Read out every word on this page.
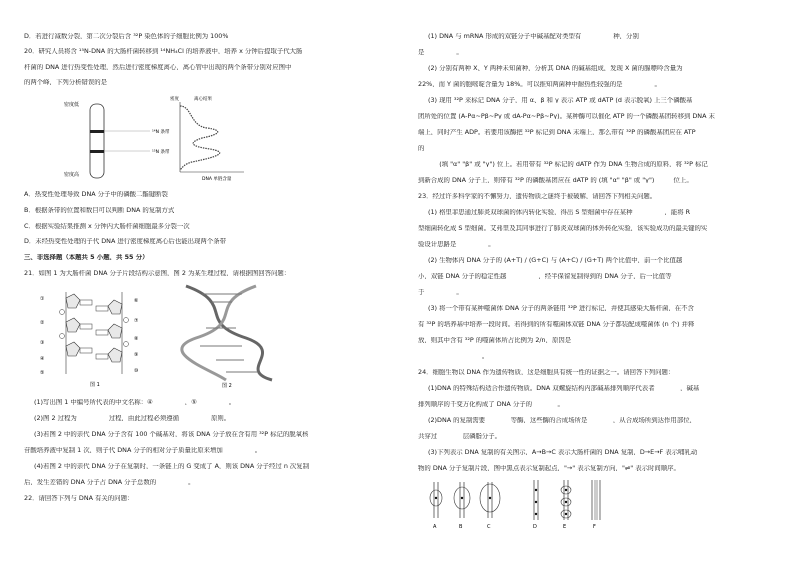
D．若进行减数分裂，第二次分裂后含 ³²P 染色体的子细胞比例为 100%
20．研究人员将含 ¹⁵N-DNA 的大肠杆菌转移到 ¹⁴NH₄Cl 的培养液中，培养 x 分钟后提取子代大肠
杆菌的 DNA 进行热变性处理，然后进行密度梯度离心，离心管中出现的两个条带分别对应图中
的两个峰，下列分析错误的是
密度低
密度高
¹⁴N 条带
¹⁵N 条带
密度	离心结果
DNA 单链含量
A．热变性处理导致 DNA 分子中的磷酸二酯键断裂
B．根据条带的位置和数目可以判断 DNA 的复制方式
C．根据实验结果推测 x 分钟内大肠杆菌细胞最多分裂一次
D．未经热变性处理的子代 DNA 进行密度梯度离心后也能出现两个条带
三、非选择题（本题共 5 小题，共 55 分）
21．如图 1 为大肠杆菌 DNA 分子片段结构示意图，图 2 为某生理过程，请根据图回答问题：
①
②
③
④
⑤
⑥
⑦
⑧
⑨
⑩
图 1	图 2
(1)写出图 1 中编号所代表的中文名称：④__________，⑤__________。
(2)图 2 过程为__________过程，由此过程必须遵循__________原则。
(3)若图 2 中的亲代 DNA 分子含有 100 个碱基对，将该 DNA 分子放在含有用 ³²P 标记的脱氧核
苷酸培养液中复制 1 次，则子代 DNA 分子的相对分子质量比原来增加__________。
(4)若图 2 中的亲代 DNA 分子在复制时，一条链上的 G 变成了 A，则该 DNA 分子经过 n 次复制
后，发生差错的 DNA 分子占 DNA 分子总数的__________。
22．请回答下列与 DNA 有关的问题：
(1) DNA 与 mRNA 形成的双链分子中碱基配对类型有__________种，分别
是__________。
(2) 分别有两种 X、Y 两种未知菌种，分析其 DNA 的碱基组成，发现 X 菌的腺嘌呤含量为
22%，而 Y 菌的胞嘧啶含量为 18%。可以推知两菌种中耐热性较强的是__________。
(3) 现用 ³²P 来标记 DNA 分子，用 α、β 和 γ 表示 ATP 或 dATP (d 表示脱氧) 上三个磷酸基
团所处的位置 (A-Pα~Pβ~Pγ 或 dA-Pα~Pβ~Pγ)。某种酶可以催化 ATP 的一个磷酸基团转移到 DNA 末
端上，同时产生 ADP。若要用该酶把 ³²P 标记到 DNA 末端上，那么带有 ³²P 的磷酸基团应在 ATP
的
______ (填 "α" "β" 或 "γ") 位上。若用带有 ³²P 标记的 dATP 作为 DNA 生物合成的原料，将 ³²P 标记
到新合成的 DNA 分子上，则带有 ³²P 的磷酸基团应在 dATP 的 (填 "α" "β" 或 "γ")______位上。
23．经过许多科学家的不懈努力，遗传物质之谜终于被破解，请回答下列相关问题。
(1) 格里菲思通过肺炎双球菌的体内转化实验，得出 S 型细菌中存在某种__________，能将 R
型细菌转化成 S 型细菌。艾弗里及其同事进行了肺炎双球菌的体外转化实验，该实验成功的最关键的实
验设计思路是__________。
(2) 生物体内 DNA 分子的 (A+T) / (G+C) 与 (A+C) / (G+T) 两个比值中，前一个比值越
小，双链 DNA 分子的稳定性越__________，经半保留复制得到的 DNA 分子，后一比值等
于__________。
(3) 将一个带有某种噬菌体 DNA 分子的两条链用 ³²P 进行标记，并使其感染大肠杆菌，在不含
有 ³²P 的培养基中培养一段时间。若得到的所有噬菌体双链 DNA 分子都装配成噬菌体 (n 个) 并释
放，则其中含有 ³²P 的噬菌体所占比例为 2/n，原因是__________________________
____________________。
24．细胞生物以 DNA 作为遗传物质，这是细胞具有统一性的证据之一。请回答下列问题：
(1)DNA 的特殊结构适合作遗传物质。DNA 双螺旋结构内部碱基排列顺序代表者________，碱基
排列顺序的千变万化构成了 DNA 分子的________。
(2)DNA 的复制需要________等酶，这些酶的合成场所是________，从合成场所到达作用部位，
共穿过________层磷脂分子。
(3)下列表示 DNA 复制的有关图示，A→B→C 表示大肠杆菌的 DNA 复制，D→E→F 表示哺乳动
物的 DNA 分子复制片段，图中黑点表示复制起点，"→" 表示复制方向，"⇌" 表示时间顺序。
A	B	C	D	E	F
